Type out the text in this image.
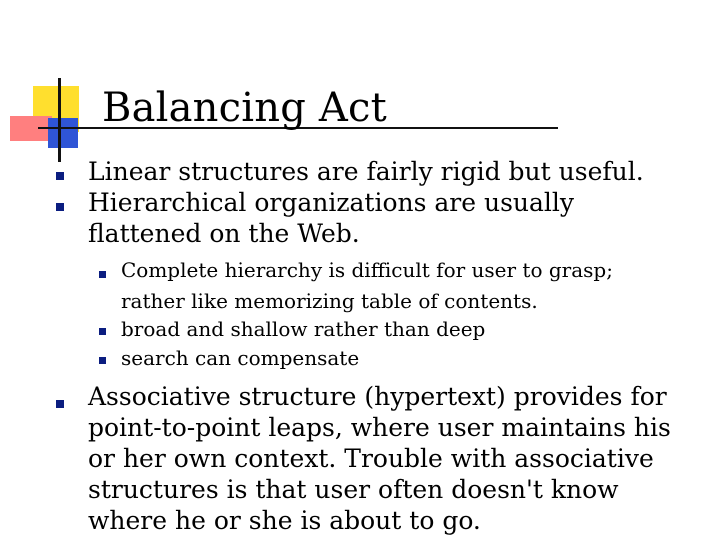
Balancing Act
Linear structures are fairly rigid but useful.
Hierarchical organizations are usually
flattened on the Web.
Complete hierarchy is difficult for user to grasp;
rather like memorizing table of contents.
broad and shallow rather than deep
search can compensate
Associative structure (hypertext) provides for
point-to-point leaps, where user maintains his
or her own context. Trouble with associative
structures is that user often doesn't know
where he or she is about to go.
